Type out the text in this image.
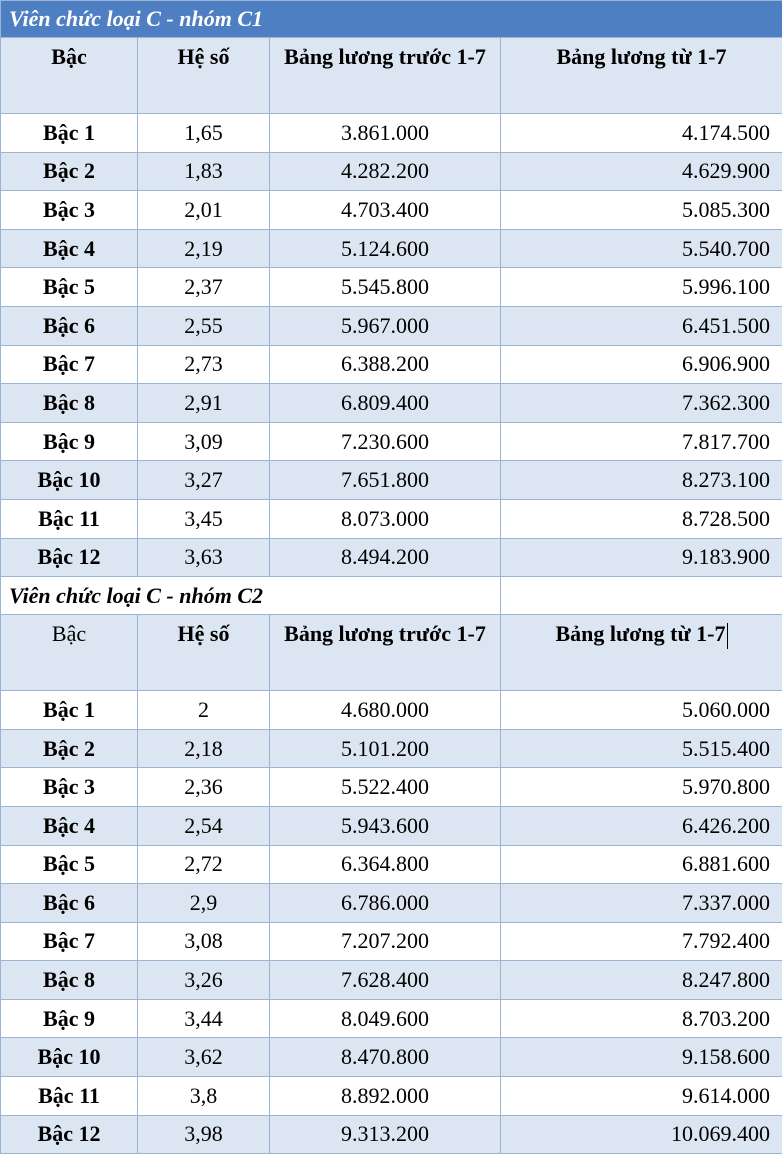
Viên chức loại C - nhóm C1			
Bậc	Hệ số	Bảng lương trước 1-7	Bảng lương từ 1-7
Bậc 1	1,65	3.861.000	4.174.500
Bậc 2	1,83	4.282.200	4.629.900
Bậc 3	2,01	4.703.400	5.085.300
Bậc 4	2,19	5.124.600	5.540.700
Bậc 5	2,37	5.545.800	5.996.100
Bậc 6	2,55	5.967.000	6.451.500
Bậc 7	2,73	6.388.200	6.906.900
Bậc 8	2,91	6.809.400	7.362.300
Bậc 9	3,09	7.230.600	7.817.700
Bậc 10	3,27	7.651.800	8.273.100
Bậc 11	3,45	8.073.000	8.728.500
Bậc 12	3,63	8.494.200	9.183.900
Viên chức loại C - nhóm C2			
Bậc	Hệ số	Bảng lương trước 1-7	Bảng lương từ 1-7
Bậc 1	2	4.680.000	5.060.000
Bậc 2	2,18	5.101.200	5.515.400
Bậc 3	2,36	5.522.400	5.970.800
Bậc 4	2,54	5.943.600	6.426.200
Bậc 5	2,72	6.364.800	6.881.600
Bậc 6	2,9	6.786.000	7.337.000
Bậc 7	3,08	7.207.200	7.792.400
Bậc 8	3,26	7.628.400	8.247.800
Bậc 9	3,44	8.049.600	8.703.200
Bậc 10	3,62	8.470.800	9.158.600
Bậc 11	3,8	8.892.000	9.614.000
Bậc 12	3,98	9.313.200	10.069.400
